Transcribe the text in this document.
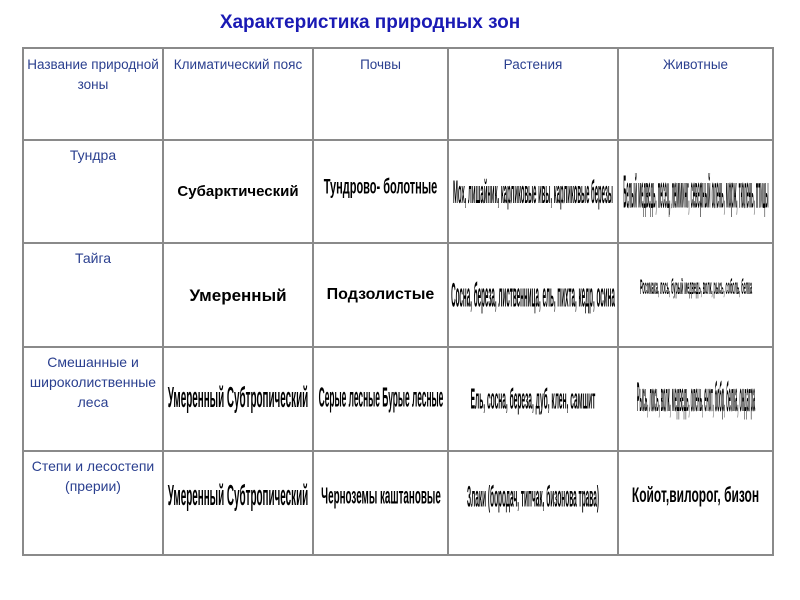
Характеристика природных зон
Название природной зоны	Климатический пояс	Почвы	Растения	Животные
Тундра	Субарктический	Тундрово- болотные	Мох, лишайник, карликовые ивы, карликовые березы	Белый медведь, песец, лемминг, северный олень, морж, тюлень, птицы

Тайга	Умеренный	Подзолистые	Сосна, береза, лиственница, ель, пихта, кедр, осина	Росомаха, лось, бурый медведь, волк, рысь, соболь, белка

Смешанные и широколиственные леса	Умеренный Субтропический	Серые лесные Бурые лесные	Ель, сосна, береза, дуб, клен, самшит	Рысь, лось, волк, медведь, олень, енот, бобр, белка, ондатра

Степи и лесостепи (прерии)	Умеренный Субтропический	Черноземы каштановые	Злаки (бородач, типчак, бизонова трава)	Койот,вилорог, бизон
